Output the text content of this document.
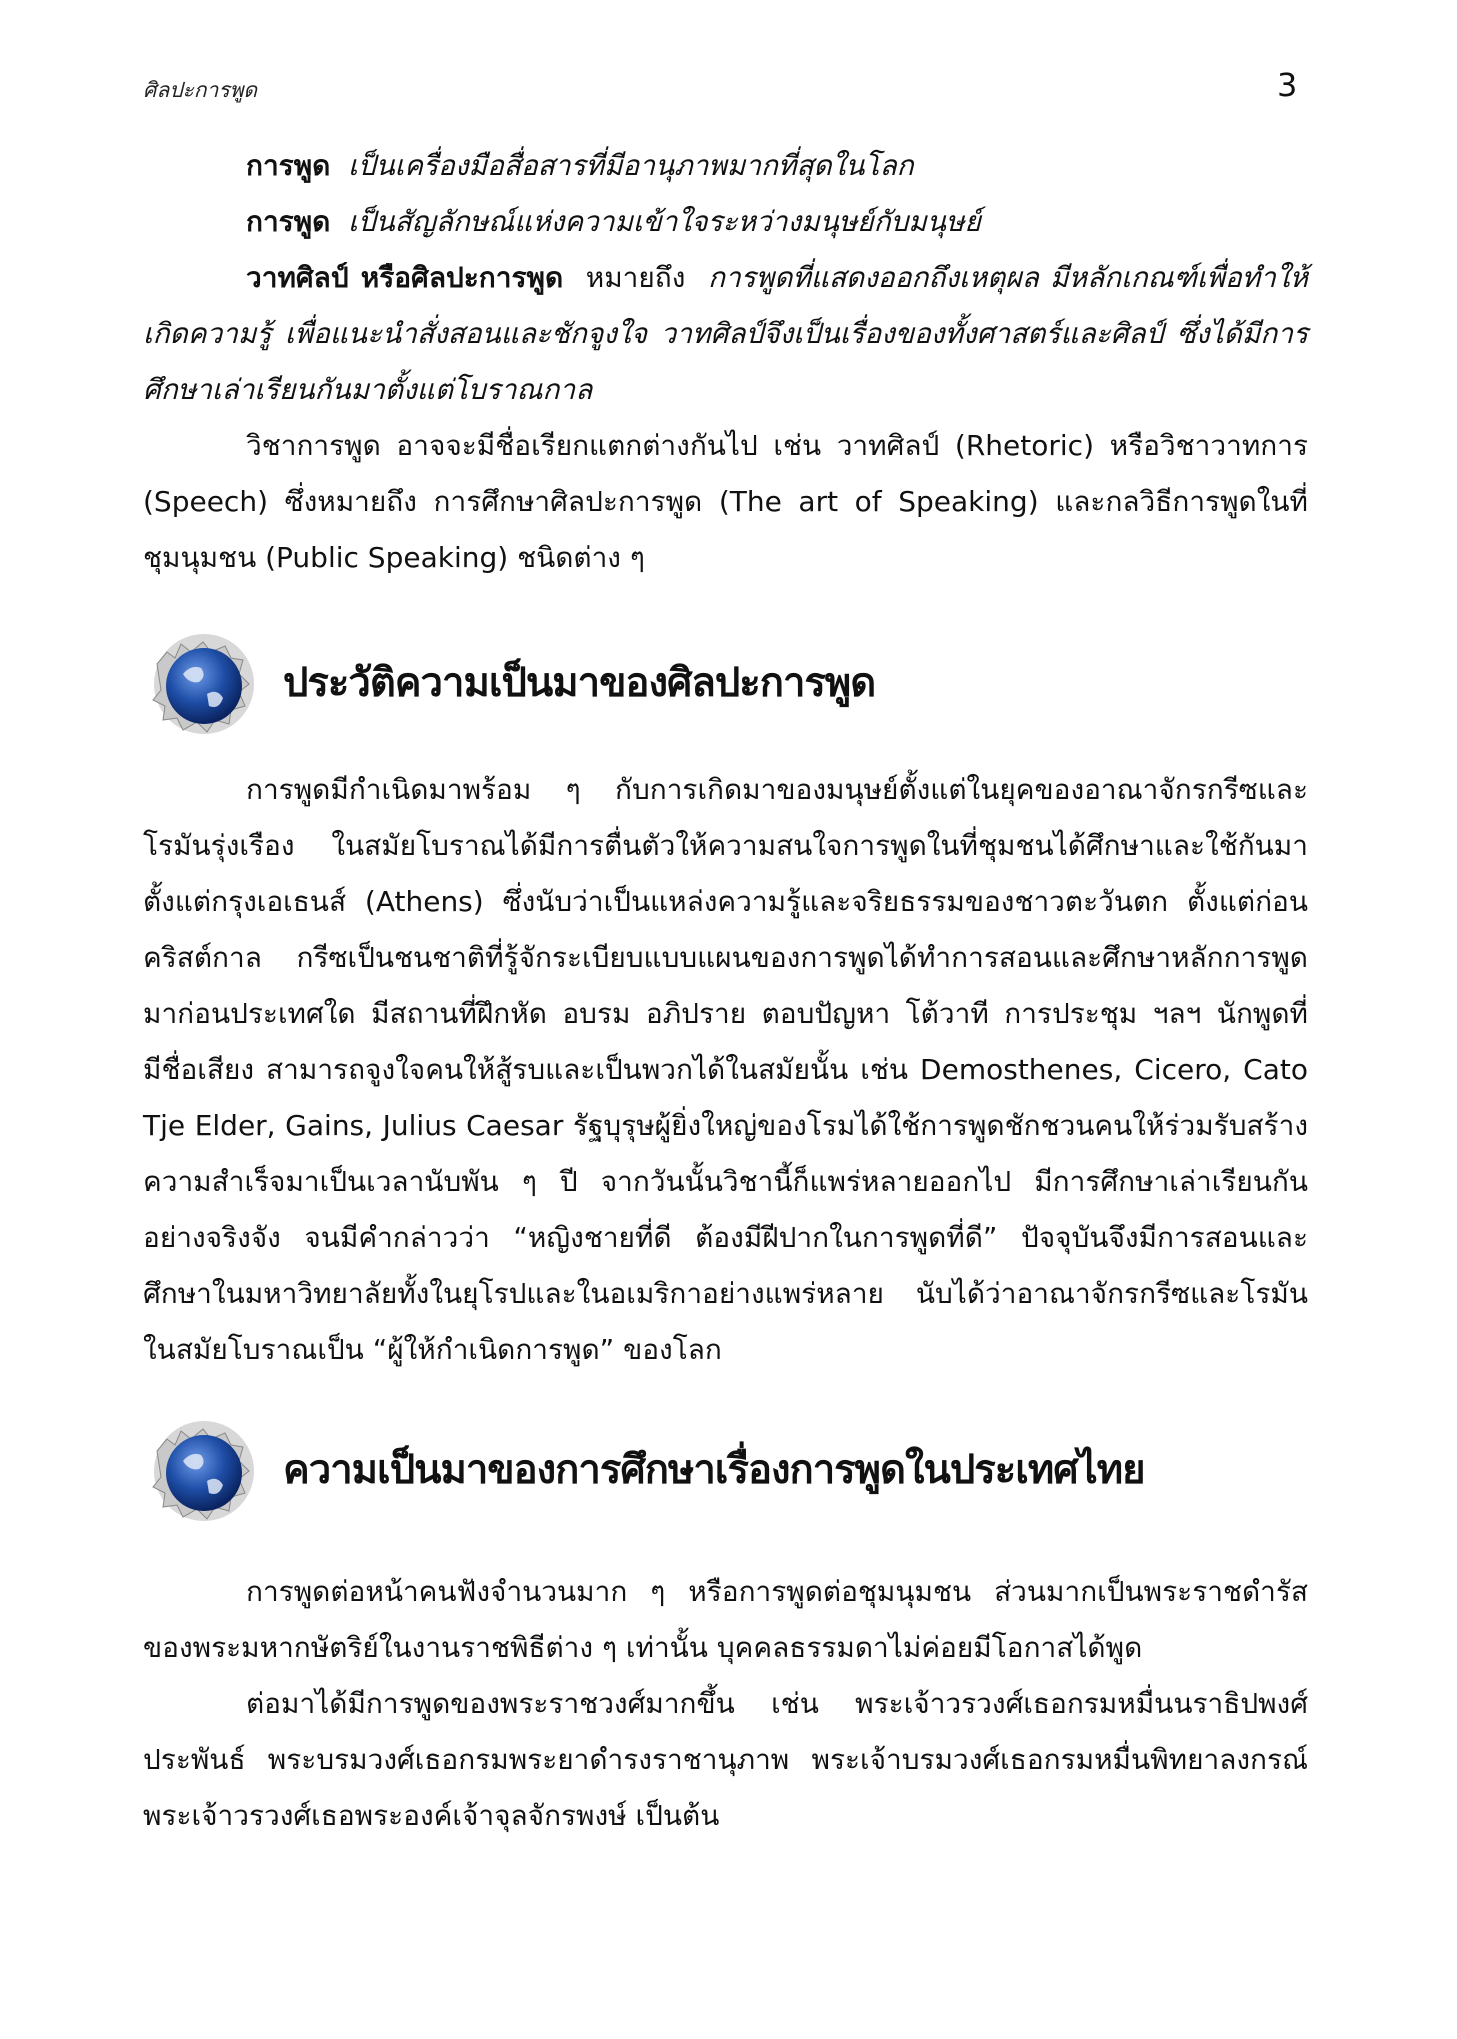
ศิลปะการพูด	3

การพูด เป็นเครื่องมือสื่อสารที่มีอานุภาพมากที่สุดในโลก

การพูด เป็นสัญลักษณ์แห่งความเข้าใจระหว่างมนุษย์กับมนุษย์

วาทศิลป์ หรือศิลปะการพูด หมายถึง การพูดที่แสดงออกถึงเหตุผล มีหลักเกณฑ์เพื่อทำให้เกิดความรู้ เพื่อแนะนำสั่งสอนและชักจูงใจ วาทศิลป์จึงเป็นเรื่องของทั้งศาสตร์และศิลป์ ซึ่งได้มีการศึกษาเล่าเรียนกันมาตั้งแต่โบราณกาล

วิชาการพูด อาจจะมีชื่อเรียกแตกต่างกันไป เช่น วาทศิลป์ (Rhetoric) หรือวิชาวาทการ (Speech) ซึ่งหมายถึง การศึกษาศิลปะการพูด (The art of Speaking) และกลวิธีการพูดในที่ชุมนุมชน (Public Speaking) ชนิดต่าง ๆ

ประวัติความเป็นมาของศิลปะการพูด

การพูดมีกำเนิดมาพร้อม ๆ กับการเกิดมาของมนุษย์ตั้งแต่ในยุคของอาณาจักรกรีซและโรมันรุ่งเรือง ในสมัยโบราณได้มีการตื่นตัวให้ความสนใจการพูดในที่ชุมชนได้ศึกษาและใช้กันมาตั้งแต่กรุงเอเธนส์ (Athens) ซึ่งนับว่าเป็นแหล่งความรู้และจริยธรรมของชาวตะวันตก ตั้งแต่ก่อนคริสต์กาล กรีซเป็นชนชาติที่รู้จักระเบียบแบบแผนของการพูดได้ทำการสอนและศึกษาหลักการพูดมาก่อนประเทศใด มีสถานที่ฝึกหัด อบรม อภิปราย ตอบปัญหา โต้วาที การประชุม ฯลฯ นักพูดที่มีชื่อเสียง สามารถจูงใจคนให้สู้รบและเป็นพวกได้ในสมัยนั้น เช่น Demosthenes, Cicero, Cato Tje Elder, Gains, Julius Caesar รัฐบุรุษผู้ยิ่งใหญ่ของโรมได้ใช้การพูดชักชวนคนให้ร่วมรับสร้างความสำเร็จมาเป็นเวลานับพัน ๆ ปี จากวันนั้นวิชานี้ก็แพร่หลายออกไป มีการศึกษาเล่าเรียนกันอย่างจริงจัง จนมีคำกล่าวว่า “หญิงชายที่ดี ต้องมีฝีปากในการพูดที่ดี” ปัจจุบันจึงมีการสอนและศึกษาในมหาวิทยาลัยทั้งในยุโรปและในอเมริกาอย่างแพร่หลาย นับได้ว่าอาณาจักรกรีซและโรมันในสมัยโบราณเป็น “ผู้ให้กำเนิดการพูด” ของโลก

ความเป็นมาของการศึกษาเรื่องการพูดในประเทศไทย

การพูดต่อหน้าคนฟังจำนวนมาก ๆ หรือการพูดต่อชุมนุมชน ส่วนมากเป็นพระราชดำรัสของพระมหากษัตริย์ในงานราชพิธีต่าง ๆ เท่านั้น บุคคลธรรมดาไม่ค่อยมีโอกาสได้พูด

ต่อมาได้มีการพูดของพระราชวงศ์มากขึ้น เช่น พระเจ้าวรวงศ์เธอกรมหมื่นนราธิปพงศ์ประพันธ์ พระบรมวงศ์เธอกรมพระยาดำรงราชานุภาพ พระเจ้าบรมวงศ์เธอกรมหมื่นพิทยาลงกรณ์ พระเจ้าวรวงศ์เธอพระองค์เจ้าจุลจักรพงษ์ เป็นต้น
